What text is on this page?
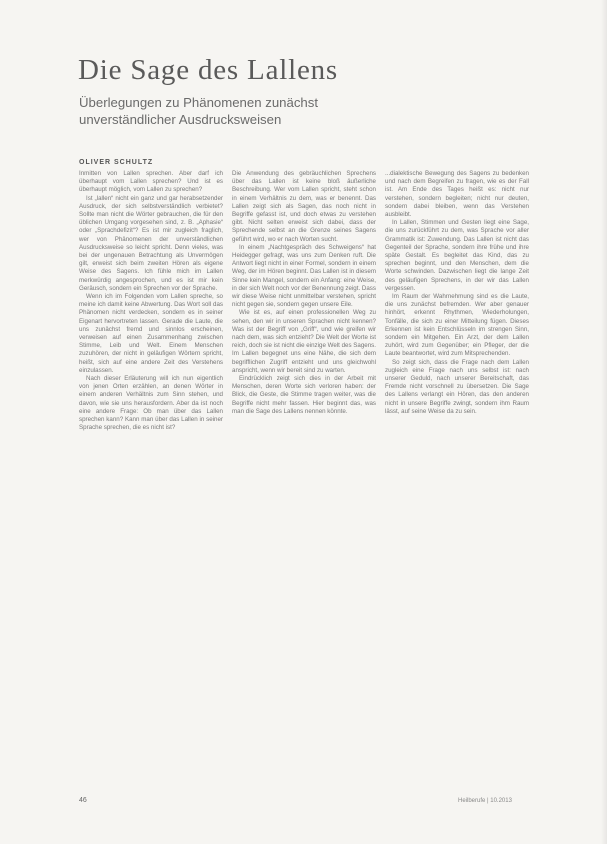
Die Sage des Lallens

Überlegungen zu Phänomenen zunächst unverständlicher Ausdrucksweisen

OLIVER SCHULTZ

Inmitten von Lallen sprechen. Aber darf ich überhaupt vom Lallen sprechen? Und ist es überhaupt möglich, vom Lallen zu sprechen?

Ist „lallen“ nicht ein ganz und gar herabsetzender Ausdruck, der sich selbstverständlich verbietet? Sollte man nicht die Wörter gebrauchen, die für den üblichen Umgang vorgesehen sind, z. B. „Aphasie“ oder „Sprachdefizit“? Es ist mir zugleich fraglich, wer von Phänomenen der unverständlichen Ausdrucksweise so leicht spricht. Denn vieles, was bei der ungenauen Betrachtung als Unvermögen gilt, erweist sich beim zweiten Hören als eigene Weise des Sagens. Ich fühle mich im Lallen merkwürdig angesprochen, und es ist mir kein Geräusch, sondern ein Sprechen vor der Sprache.

Wenn ich im Folgenden vom Lallen spreche, so meine ich damit keine Abwertung. Das Wort soll das Phänomen nicht verdecken, sondern es in seiner Eigenart hervortreten lassen. Gerade die Laute, die uns zunächst fremd und sinnlos erscheinen, verweisen auf einen Zusammenhang zwischen Stimme, Leib und Welt. Einem Menschen zuzuhören, der nicht in geläufigen Wörtern spricht, heißt, sich auf eine andere Zeit des Verstehens einzulassen.

Nach dieser Erläuterung will ich nun eigentlich von jenen Orten erzählen, an denen Wörter in einem anderen Verhältnis zum Sinn stehen, und davon, wie sie uns herausfordern. Aber da ist noch eine andere Frage: Ob man über das Lallen sprechen kann? Kann man über das Lallen in seiner Sprache sprechen, die es nicht ist?

Die Anwendung des gebräuchlichen Sprechens über das Lallen ist keine bloß äußerliche Beschreibung. Wer vom Lallen spricht, steht schon in einem Verhältnis zu dem, was er benennt. Das Lallen zeigt sich als Sagen, das noch nicht in Begriffe gefasst ist, und doch etwas zu verstehen gibt. Nicht selten erweist sich dabei, dass der Sprechende selbst an die Grenze seines Sagens geführt wird, wo er nach Worten sucht.

In einem „Nachtgespräch des Schweigens“ hat Heidegger gefragt, was uns zum Denken ruft. Die Antwort liegt nicht in einer Formel, sondern in einem Weg, der im Hören beginnt. Das Lallen ist in diesem Sinne kein Mangel, sondern ein Anfang: eine Weise, in der sich Welt noch vor der Benennung zeigt. Dass wir diese Weise nicht unmittelbar verstehen, spricht nicht gegen sie, sondern gegen unsere Eile.

Wie ist es, auf einen professionellen Weg zu sehen, den wir in unseren Sprachen nicht kennen? Was ist der Begriff von „Griff“, und wie greifen wir nach dem, was sich entzieht? Die Welt der Worte ist reich, doch sie ist nicht die einzige Welt des Sagens. Im Lallen begegnet uns eine Nähe, die sich dem begrifflichen Zugriff entzieht und uns gleichwohl anspricht, wenn wir bereit sind zu warten.

Eindrücklich zeigt sich dies in der Arbeit mit Menschen, deren Worte sich verloren haben: der Blick, die Geste, die Stimme tragen weiter, was die Begriffe nicht mehr fassen. Hier beginnt das, was man die Sage des Lallens nennen könnte.

...dialektische Bewegung des Sagens zu bedenken und nach dem Begreifen zu fragen, wie es der Fall ist. Am Ende des Tages heißt es: nicht nur verstehen, sondern begleiten; nicht nur deuten, sondern dabei bleiben, wenn das Verstehen ausbleibt.

In Lallen, Stimmen und Gesten liegt eine Sage, die uns zurückführt zu dem, was Sprache vor aller Grammatik ist: Zuwendung. Das Lallen ist nicht das Gegenteil der Sprache, sondern ihre frühe und ihre späte Gestalt. Es begleitet das Kind, das zu sprechen beginnt, und den Menschen, dem die Worte schwinden. Dazwischen liegt die lange Zeit des geläufigen Sprechens, in der wir das Lallen vergessen.

Im Raum der Wahrnehmung sind es die Laute, die uns zunächst befremden. Wer aber genauer hinhört, erkennt Rhythmen, Wiederholungen, Tonfälle, die sich zu einer Mitteilung fügen. Dieses Erkennen ist kein Entschlüsseln im strengen Sinn, sondern ein Mitgehen. Ein Arzt, der dem Lallen zuhört, wird zum Gegenüber; ein Pfleger, der die Laute beantwortet, wird zum Mitsprechenden.

So zeigt sich, dass die Frage nach dem Lallen zugleich eine Frage nach uns selbst ist: nach unserer Geduld, nach unserer Bereitschaft, das Fremde nicht vorschnell zu übersetzen. Die Sage des Lallens verlangt ein Hören, das den anderen nicht in unsere Begriffe zwingt, sondern ihm Raum lässt, auf seine Weise da zu sein.

46	Heilberufe | 10.2013
